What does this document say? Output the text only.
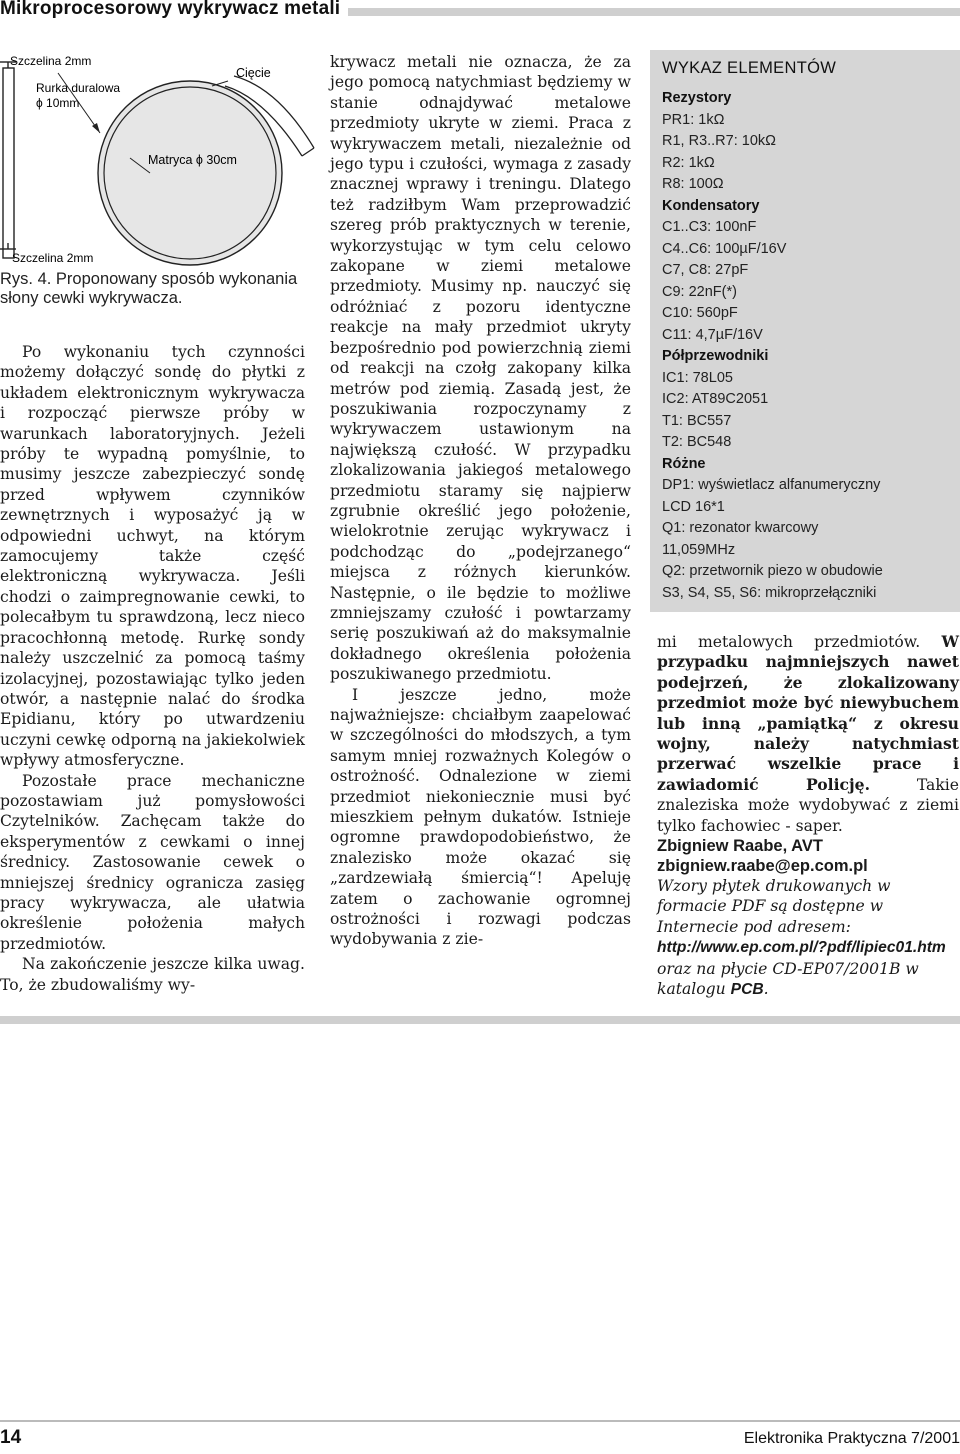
Mikroprocesorowy wykrywacz metali
Szczelina 2mm
Rurka duralowa
ϕ 10mm
Cięcie
Matryca ϕ 30cm
Szczelina 2mm
Rys. 4. Proponowany sposób wykonania słony cewki wykrywacza.

Po wykonaniu tych czynności możemy dołączyć sondę do płytki z układem elektronicznym wykrywacza i rozpocząć pierwsze próby w warunkach laboratoryjnych. Jeżeli próby te wypadną pomyślnie, to musimy jeszcze zabezpieczyć sondę przed wpływem czynników zewnętrznych i wyposażyć ją w odpowiedni uchwyt, na którym zamocujemy także część elektroniczną wykrywacza. Jeśli chodzi o zaimpregnowanie cewki, to polecałbym tu sprawdzoną, lecz nieco pracochłonną metodę. Rurkę sondy należy uszczelnić za pomocą taśmy izolacyjnej, pozostawiając tylko jeden otwór, a następnie nalać do środka Epidianu, który po utwardzeniu uczyni cewkę odporną na jakiekolwiek wpływy atmosferyczne.

Pozostałe prace mechaniczne pozostawiam już pomysłowości Czytelników. Zachęcam także do eksperymentów z cewkami o innej średnicy. Zastosowanie cewek o mniejszej średnicy ogranicza zasięg pracy wykrywacza, ale ułatwia określenie położenia małych przedmiotów.

Na zakończenie jeszcze kilka uwag. To, że zbudowaliśmy wy-

krywacz metali nie oznacza, że za jego pomocą natychmiast będziemy w stanie odnajdywać metalowe przedmioty ukryte w ziemi. Praca z wykrywaczem metali, niezależnie od jego typu i czułości, wymaga z zasady znacznej wprawy i treningu. Dlatego też radziłbym Wam przeprowadzić szereg prób praktycznych w terenie, wykorzystując w tym celu celowo zakopane w ziemi metalowe przedmioty. Musimy np. nauczyć się odróżniać z pozoru identyczne reakcje na mały przedmiot ukryty bezpośrednio pod powierzchnią ziemi od reakcji na czołg zakopany kilka metrów pod ziemią. Zasadą jest, że poszukiwania rozpoczynamy z wykrywaczem ustawionym na największą czułość. W przypadku zlokalizowania jakiegoś metalowego przedmiotu staramy się najpierw zgrubnie określić jego położenie, wielokrotnie zerując wykrywacz i podchodząc do „podejrzanego“ miejsca z różnych kierunków. Następnie, o ile będzie to możliwe zmniejszamy czułość i powtarzamy serię poszukiwań aż do maksymalnie dokładnego określenia położenia poszukiwanego przedmiotu.

I jeszcze jedno, może najważniejsze: chciałbym zaapelować w szczególności do młodszych, a tym samym mniej rozważnych Kolegów o ostrożność. Odnalezione w ziemi przedmiot niekoniecznie musi być mieszkiem pełnym dukatów. Istnieje ogromne prawdopodobieństwo, że znalezisko może okazać się „zardzewiałą śmiercią“! Apeluję zatem o zachowanie ogromnej ostrożności i rozwagi podczas wydobywania z zie-

WYKAZ ELEMENTÓW
Rezystory
PR1: 1kΩ
R1, R3..R7: 10kΩ
R2: 1kΩ
R8: 100Ω
Kondensatory
C1..C3: 100nF
C4..C6: 100µF/16V
C7, C8: 27pF
C9: 22nF(*)
C10: 560pF
C11: 4,7µF/16V
Półprzewodniki
IC1: 78L05
IC2: AT89C2051
T1: BC557
T2: BC548
Różne
DP1: wyświetlacz alfanumeryczny
LCD 16*1
Q1: rezonator kwarcowy
11,059MHz
Q2: przetwornik piezo w obudowie
S3, S4, S5, S6: mikroprzełączniki

mi metalowych przedmiotów. W przypadku najmniejszych nawet podejrzeń, że zlokalizowany przedmiot może być niewybuchem lub inną „pamiątką“ z okresu wojny, należy natychmiast przerwać wszelkie prace i zawiadomić Policję. Takie znaleziska może wydobywać z ziemi tylko fachowiec - saper.

Zbigniew Raabe, AVT
zbigniew.raabe@ep.com.pl

Wzory płytek drukowanych w formacie PDF są dostępne w Internecie pod adresem: http://www.ep.com.pl/?pdf/lipiec01.htm oraz na płycie CD-EP07/2001B w katalogu PCB.

14	Elektronika Praktyczna 7/2001
